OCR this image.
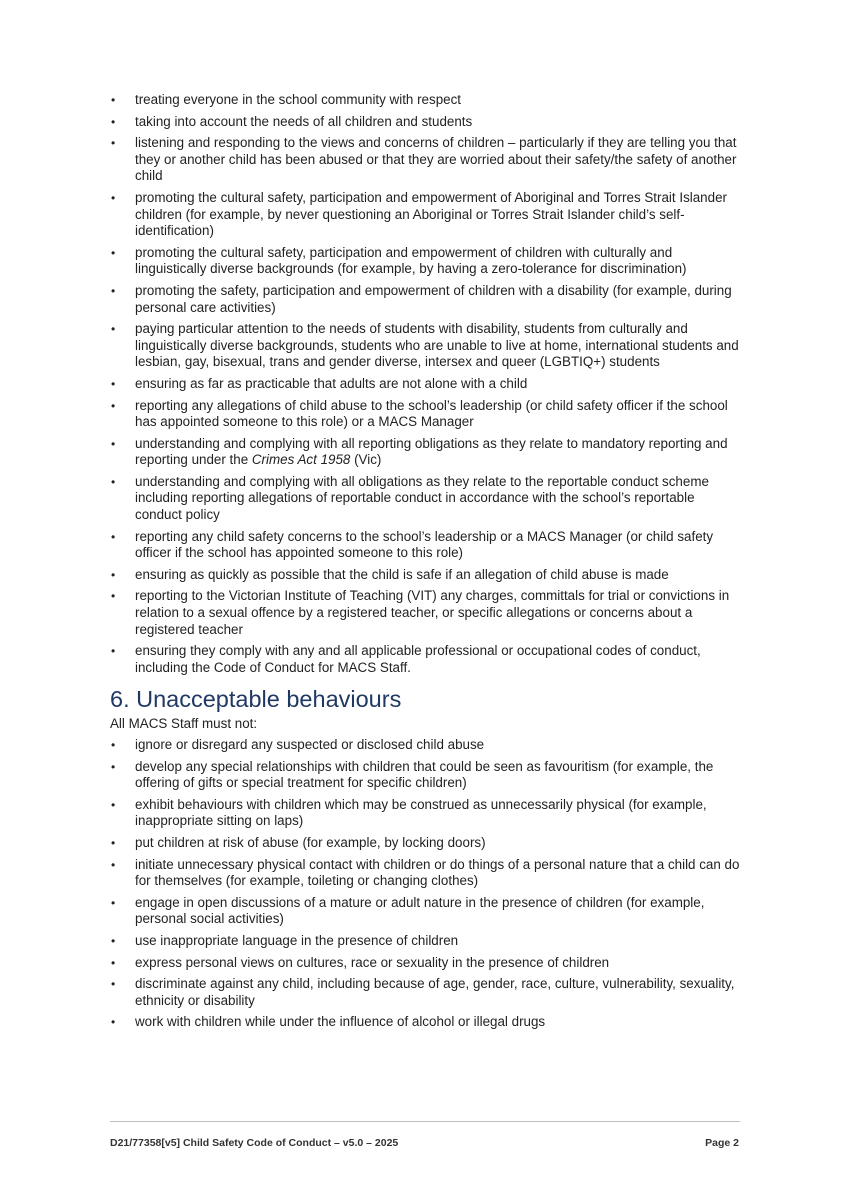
• treating everyone in the school community with respect
• taking into account the needs of all children and students
• listening and responding to the views and concerns of children – particularly if they are telling you that they or another child has been abused or that they are worried about their safety/the safety of another child
• promoting the cultural safety, participation and empowerment of Aboriginal and Torres Strait Islander children (for example, by never questioning an Aboriginal or Torres Strait Islander child’s self-identification)
• promoting the cultural safety, participation and empowerment of children with culturally and linguistically diverse backgrounds (for example, by having a zero-tolerance for discrimination)
• promoting the safety, participation and empowerment of children with a disability (for example, during personal care activities)
• paying particular attention to the needs of students with disability, students from culturally and linguistically diverse backgrounds, students who are unable to live at home, international students and lesbian, gay, bisexual, trans and gender diverse, intersex and queer (LGBTIQ+) students
• ensuring as far as practicable that adults are not alone with a child
• reporting any allegations of child abuse to the school’s leadership (or child safety officer if the school has appointed someone to this role) or a MACS Manager
• understanding and complying with all reporting obligations as they relate to mandatory reporting and reporting under the Crimes Act 1958 (Vic)
• understanding and complying with all obligations as they relate to the reportable conduct scheme including reporting allegations of reportable conduct in accordance with the school’s reportable conduct policy
• reporting any child safety concerns to the school’s leadership or a MACS Manager (or child safety officer if the school has appointed someone to this role)
• ensuring as quickly as possible that the child is safe if an allegation of child abuse is made
• reporting to the Victorian Institute of Teaching (VIT) any charges, committals for trial or convictions in relation to a sexual offence by a registered teacher, or specific allegations or concerns about a registered teacher
• ensuring they comply with any and all applicable professional or occupational codes of conduct, including the Code of Conduct for MACS Staff.
6. Unacceptable behaviours

All MACS Staff must not:

• ignore or disregard any suspected or disclosed child abuse
• develop any special relationships with children that could be seen as favouritism (for example, the offering of gifts or special treatment for specific children)
• exhibit behaviours with children which may be construed as unnecessarily physical (for example, inappropriate sitting on laps)
• put children at risk of abuse (for example, by locking doors)
• initiate unnecessary physical contact with children or do things of a personal nature that a child can do for themselves (for example, toileting or changing clothes)
• engage in open discussions of a mature or adult nature in the presence of children (for example, personal social activities)
• use inappropriate language in the presence of children
• express personal views on cultures, race or sexuality in the presence of children
• discriminate against any child, including because of age, gender, race, culture, vulnerability, sexuality, ethnicity or disability
• work with children while under the influence of alcohol or illegal drugs
D21/77358[v5] Child Safety Code of Conduct – v5.0 – 2025	Page 2
